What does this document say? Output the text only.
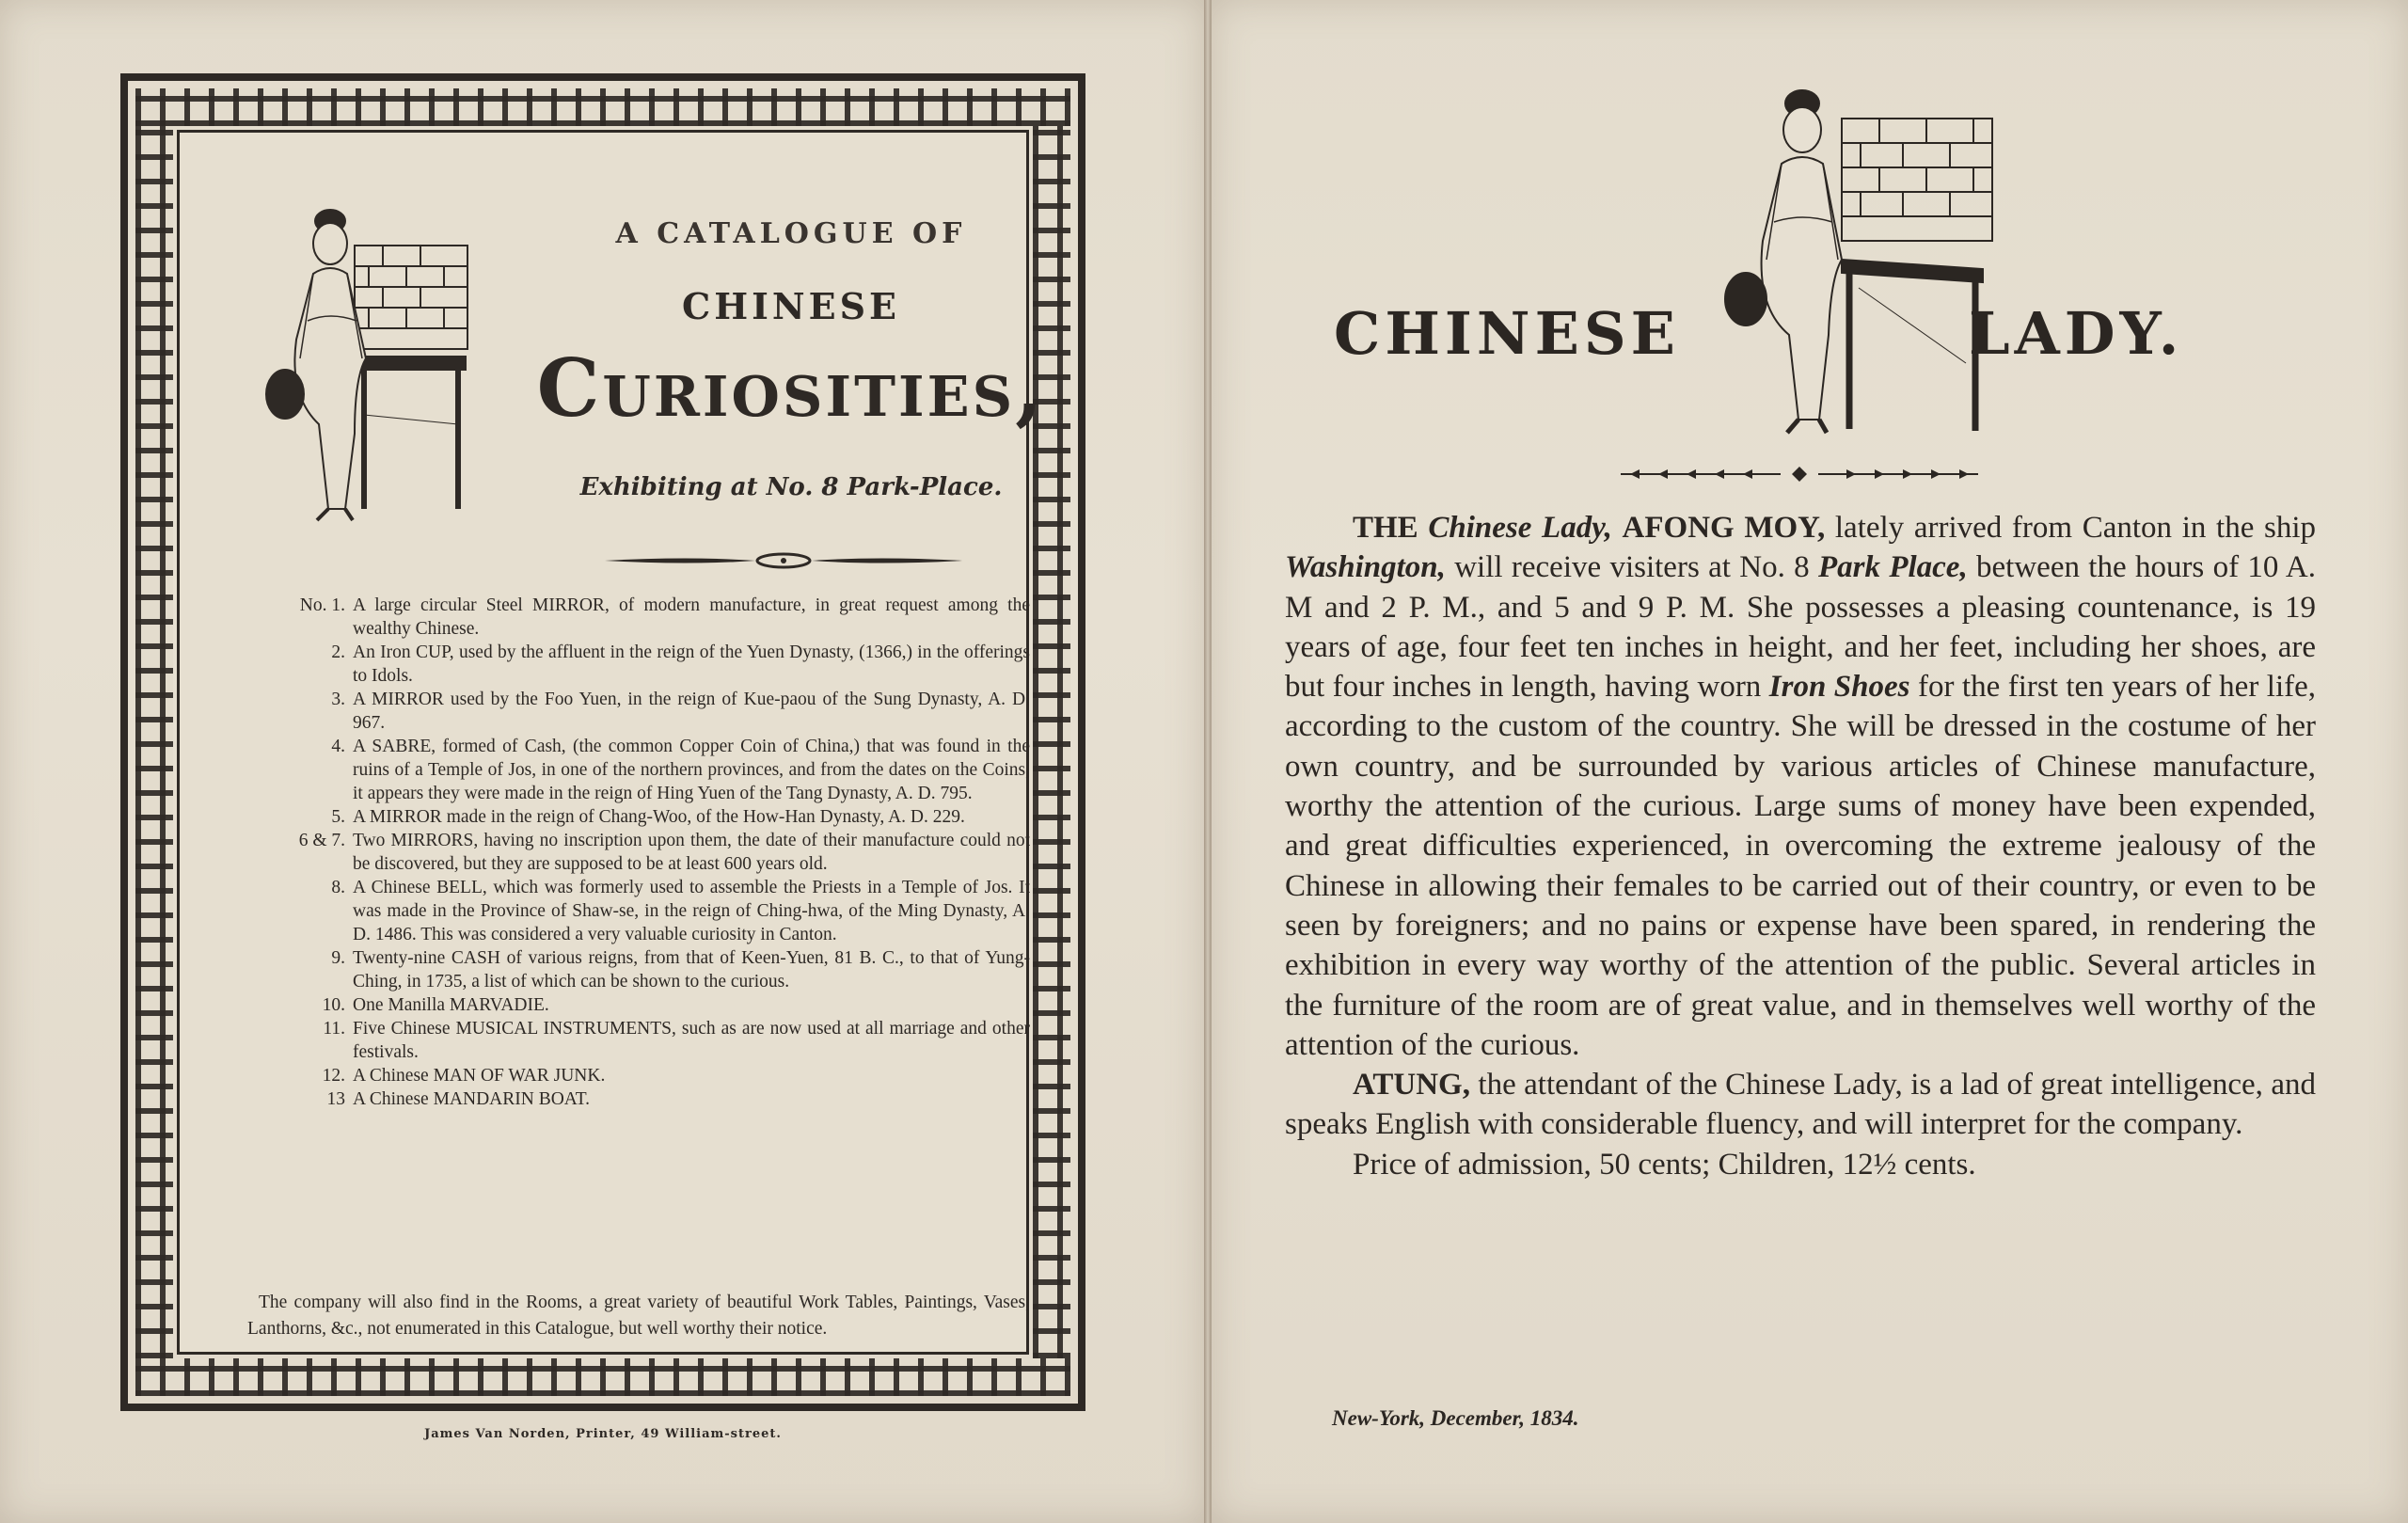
A CATALOGUE OF
CHINESE
Curiosities,
Exhibiting at No. 8 Park-Place.
No. 1. A large circular Steel MIRROR, of modern manufacture, in great request among the wealthy Chinese.
2. An Iron CUP, used by the affluent in the reign of the Yuen Dynasty, (1366,) in the offerings to Idols.
3. A MIRROR used by the Foo Yuen, in the reign of Kue-paou of the Sung Dynasty, A. D. 967.
4. A SABRE, formed of Cash, (the common Copper Coin of China,) that was found in the ruins of a Temple of Jos, in one of the northern provinces, and from the dates on the Coins, it appears they were made in the reign of Hing Yuen of the Tang Dynasty, A. D. 795.
5. A MIRROR made in the reign of Chang-Woo, of the How-Han Dynasty, A. D. 229.
6 & 7. Two MIRRORS, having no inscription upon them, the date of their manufacture could not be discovered, but they are supposed to be at least 600 years old.
8. A Chinese BELL, which was formerly used to assemble the Priests in a Temple of Jos. It was made in the Province of Shaw-se, in the reign of Ching-hwa, of the Ming Dynasty, A. D. 1486. This was considered a very valuable curiosity in Canton.
9. Twenty-nine CASH of various reigns, from that of Keen-Yuen, 81 B. C., to that of Yung-Ching, in 1735, a list of which can be shown to the curious.
10. One Manilla MARVADIE.
11. Five Chinese MUSICAL INSTRUMENTS, such as are now used at all marriage and other festivals.
12. A Chinese MAN OF WAR JUNK.
13 A Chinese MANDARIN BOAT.
The company will also find in the Rooms, a great variety of beautiful Work Tables, Paintings, Vases, Lanthorns, &c., not enumerated in this Catalogue, but well worthy their notice.
James Van Norden, Printer, 49 William-street.
CHINESE	LADY.

THE Chinese Lady, AFONG MOY, lately arrived from Canton in the ship Washington, will receive visiters at No. 8 Park Place, between the hours of 10 A. M and 2 P. M., and 5 and 9 P. M. She possesses a pleasing countenance, is 19 years of age, four feet ten inches in height, and her feet, including her shoes, are but four inches in length, having worn Iron Shoes for the first ten years of her life, according to the custom of the country. She will be dressed in the costume of her own country, and be surrounded by various articles of Chinese manufacture, worthy the attention of the curious. Large sums of money have been expended, and great difficulties experienced, in overcoming the extreme jealousy of the Chinese in allowing their females to be carried out of their country, or even to be seen by foreigners; and no pains or expense have been spared, in rendering the exhibition in every way worthy of the attention of the public. Several articles in the furniture of the room are of great value, and in themselves well worthy of the attention of the curious.

ATUNG, the attendant of the Chinese Lady, is a lad of great intelligence, and speaks English with considerable fluency, and will interpret for the company.

Price of admission, 50 cents; Children, 12½ cents.

New-York, December, 1834.
